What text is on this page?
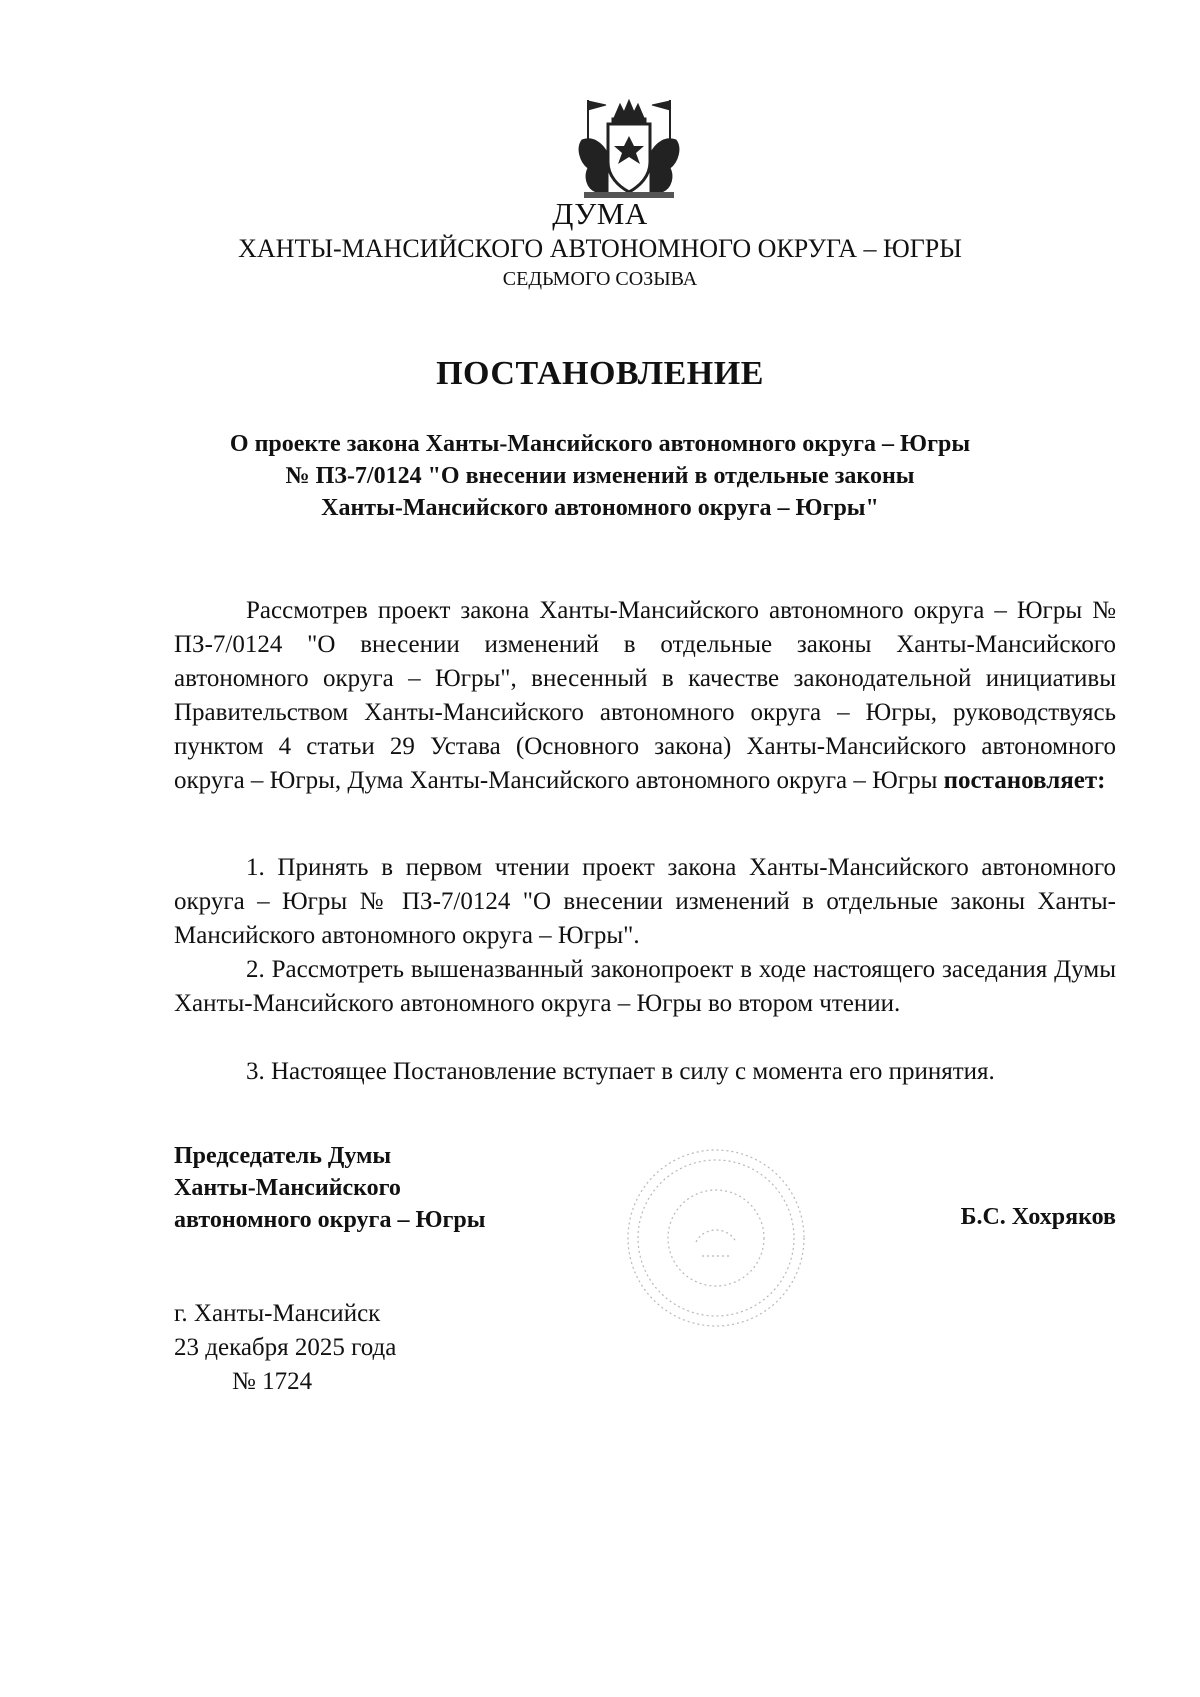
ДУМА
ХАНТЫ-МАНСИЙСКОГО АВТОНОМНОГО ОКРУГА – ЮГРЫ
СЕДЬМОГО СОЗЫВА
ПОСТАНОВЛЕНИЕ
О проекте закона Ханты-Мансийского автономного округа – Югры
№ ПЗ-7/0124 "О внесении изменений в отдельные законы
Ханты-Мансийского автономного округа – Югры"

Рассмотрев проект закона Ханты-Мансийского автономного округа – Югры № ПЗ-7/0124 "О внесении изменений в отдельные законы Ханты-Мансийского автономного округа – Югры", внесенный в качестве законодательной инициативы Правительством Ханты-Мансийского автономного округа – Югры, руководствуясь пунктом 4 статьи 29 Устава (Основного закона) Ханты-Мансийского автономного округа – Югры, Дума Ханты-Мансийского автономного округа – Югры постановляет:

1. Принять в первом чтении проект закона Ханты-Мансийского автономного округа – Югры № ПЗ-7/0124 "О внесении изменений в отдельные законы Ханты-Мансийского автономного округа – Югры".

2. Рассмотреть вышеназванный законопроект в ходе настоящего заседания Думы Ханты-Мансийского автономного округа – Югры во втором чтении.

3. Настоящее Постановление вступает в силу с момента его принятия.

Председатель Думы
Ханты-Мансийского
автономного округа – Югры	Б.С. Хохряков
г. Ханты-Мансийск
23 декабря 2025 года
№ 1724
